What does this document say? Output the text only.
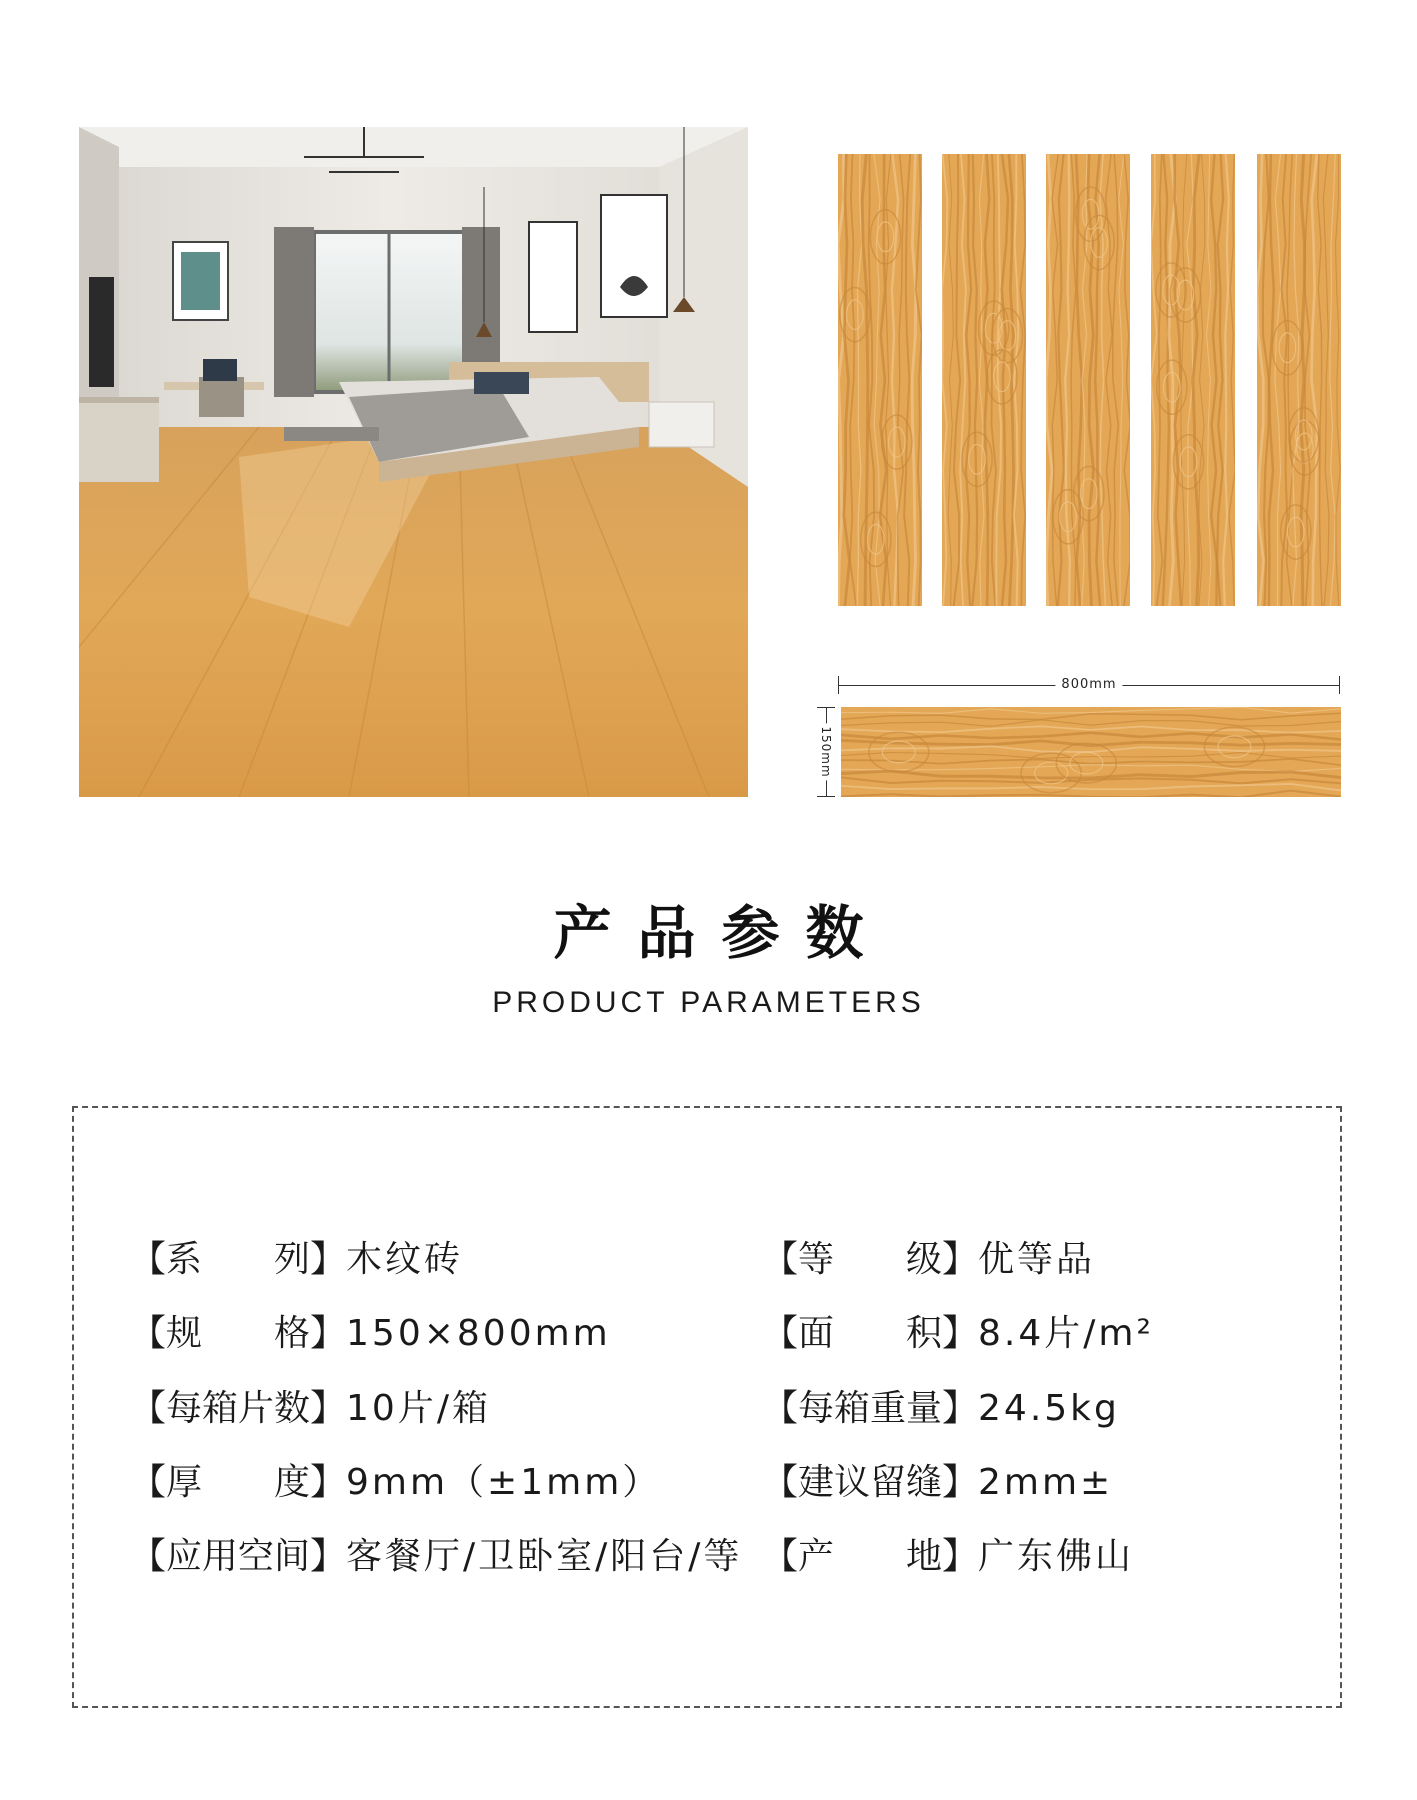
800mm
150mm
产品参数
PRODUCT PARAMETERS
【系　　列】木纹砖
【规　　格】150×800mm
【每箱片数】10片/箱
【厚　　度】9mm（±1mm）
【应用空间】客餐厅/卫卧室/阳台/等
【等　　级】优等品
【面　　积】8.4片/m²
【每箱重量】24.5kg
【建议留缝】2mm±
【产　　地】广东佛山
